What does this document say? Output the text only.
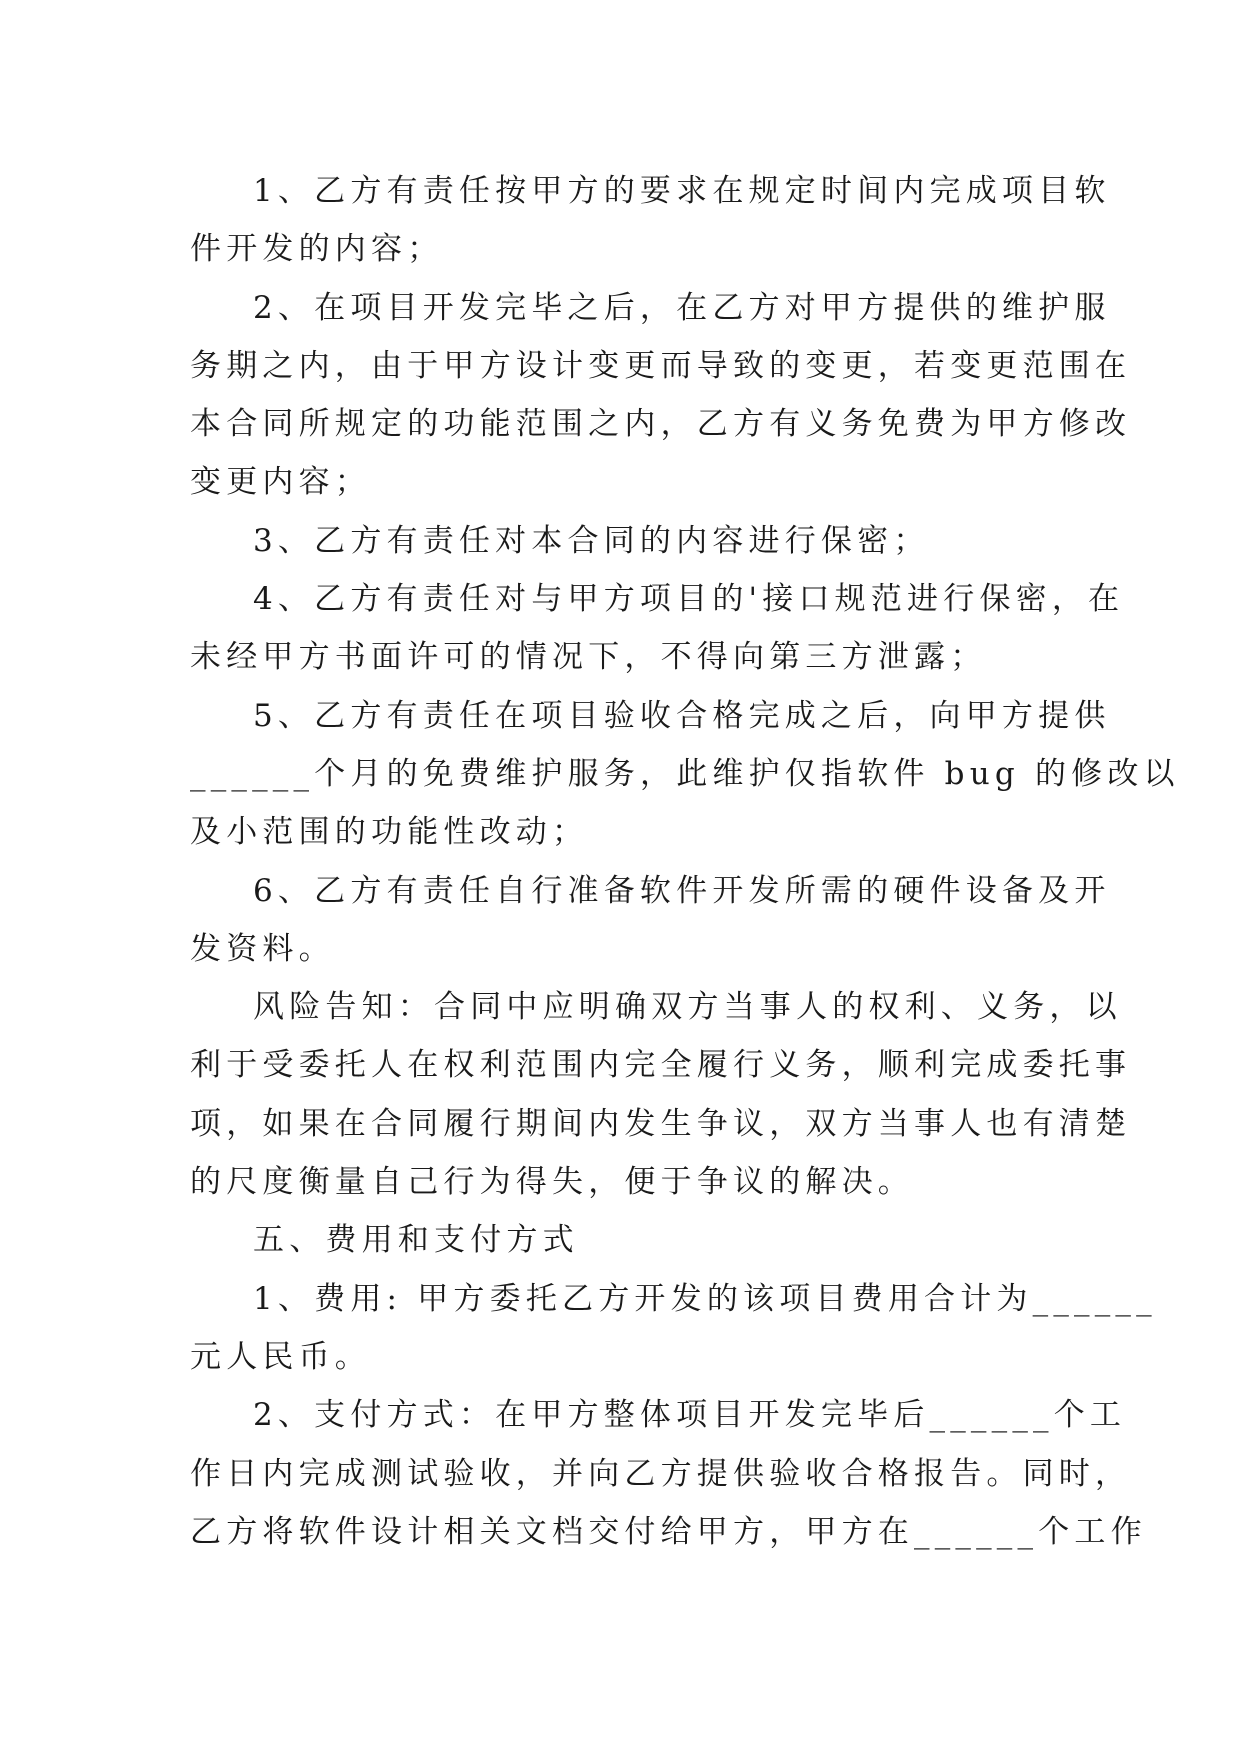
1、乙方有责任按甲方的要求在规定时间内完成项目软
件开发的内容；
2、在项目开发完毕之后，在乙方对甲方提供的维护服
务期之内，由于甲方设计变更而导致的变更，若变更范围在
本合同所规定的功能范围之内，乙方有义务免费为甲方修改
变更内容；
3、乙方有责任对本合同的内容进行保密；
4、乙方有责任对与甲方项目的'接口规范进行保密，在
未经甲方书面许可的情况下，不得向第三方泄露；
5、乙方有责任在项目验收合格完成之后，向甲方提供
______个月的免费维护服务，此维护仅指软件 bug 的修改以
及小范围的功能性改动；
6、乙方有责任自行准备软件开发所需的硬件设备及开
发资料。
风险告知：合同中应明确双方当事人的权利、义务，以
利于受委托人在权利范围内完全履行义务，顺利完成委托事
项，如果在合同履行期间内发生争议，双方当事人也有清楚
的尺度衡量自己行为得失，便于争议的解决。
五、费用和支付方式
1、费用: 甲方委托乙方开发的该项目费用合计为______
元人民币。
2、支付方式：在甲方整体项目开发完毕后______个工
作日内完成测试验收，并向乙方提供验收合格报告。同时，
乙方将软件设计相关文档交付给甲方，甲方在______个工作
